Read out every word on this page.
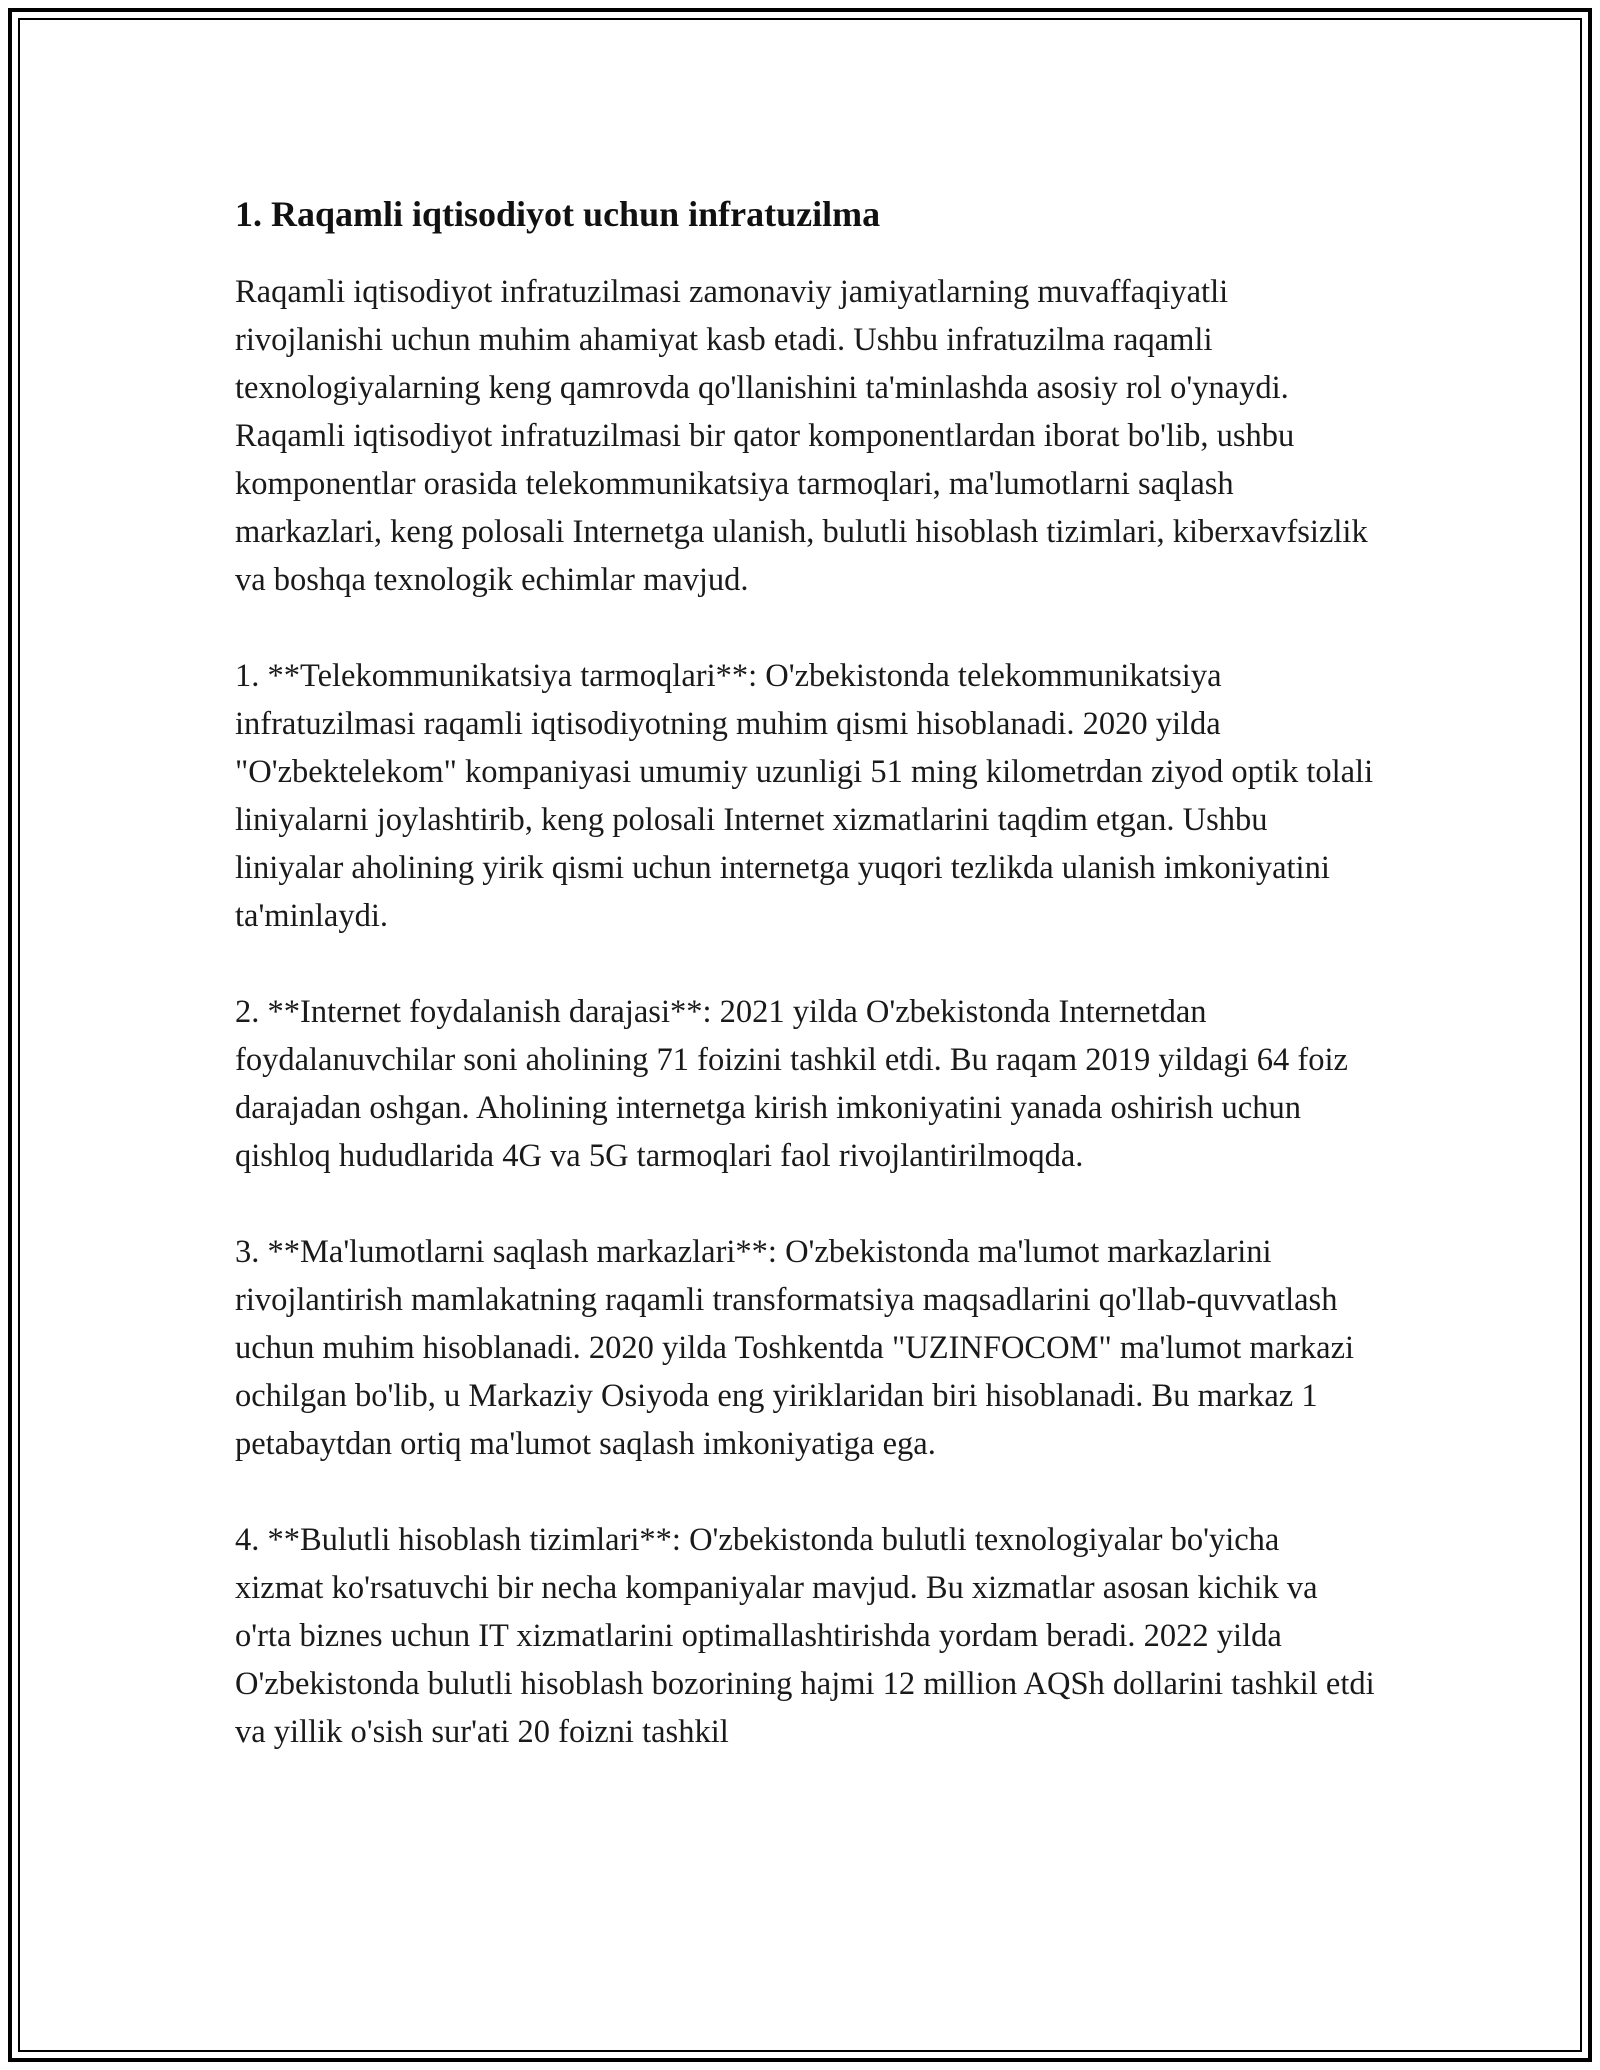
1. Raqamli iqtisodiyot uchun infratuzilma

Raqamli iqtisodiyot infratuzilmasi zamonaviy jamiyatlarning muvaffaqiyatli rivojlanishi uchun muhim ahamiyat kasb etadi. Ushbu infratuzilma raqamli texnologiyalarning keng qamrovda qo'llanishini ta'minlashda asosiy rol o'ynaydi. Raqamli iqtisodiyot infratuzilmasi bir qator komponentlardan iborat bo'lib, ushbu komponentlar orasida telekommunikatsiya tarmoqlari, ma'lumotlarni saqlash markazlari, keng polosali Internetga ulanish, bulutli hisoblash tizimlari, kiberxavfsizlik va boshqa texnologik echimlar mavjud.

1. **Telekommunikatsiya tarmoqlari**: O'zbekistonda telekommunikatsiya infratuzilmasi raqamli iqtisodiyotning muhim qismi hisoblanadi. 2020 yilda "O'zbektelekom" kompaniyasi umumiy uzunligi 51 ming kilometrdan ziyod optik tolali liniyalarni joylashtirib, keng polosali Internet xizmatlarini taqdim etgan. Ushbu liniyalar aholining yirik qismi uchun internetga yuqori tezlikda ulanish imkoniyatini ta'minlaydi.

2. **Internet foydalanish darajasi**: 2021 yilda O'zbekistonda Internetdan foydalanuvchilar soni aholining 71 foizini tashkil etdi. Bu raqam 2019 yildagi 64 foiz darajadan oshgan. Aholining internetga kirish imkoniyatini yanada oshirish uchun qishloq hududlarida 4G va 5G tarmoqlari faol rivojlantirilmoqda.

3. **Ma'lumotlarni saqlash markazlari**: O'zbekistonda ma'lumot markazlarini rivojlantirish mamlakatning raqamli transformatsiya maqsadlarini qo'llab-quvvatlash uchun muhim hisoblanadi. 2020 yilda Toshkentda "UZINFOCOM" ma'lumot markazi ochilgan bo'lib, u Markaziy Osiyoda eng yiriklaridan biri hisoblanadi. Bu markaz 1 petabaytdan ortiq ma'lumot saqlash imkoniyatiga ega.

4. **Bulutli hisoblash tizimlari**: O'zbekistonda bulutli texnologiyalar bo'yicha xizmat ko'rsatuvchi bir necha kompaniyalar mavjud. Bu xizmatlar asosan kichik va o'rta biznes uchun IT xizmatlarini optimallashtirishda yordam beradi. 2022 yilda O'zbekistonda bulutli hisoblash bozorining hajmi 12 million AQSh dollarini tashkil etdi va yillik o'sish sur'ati 20 foizni tashkil
